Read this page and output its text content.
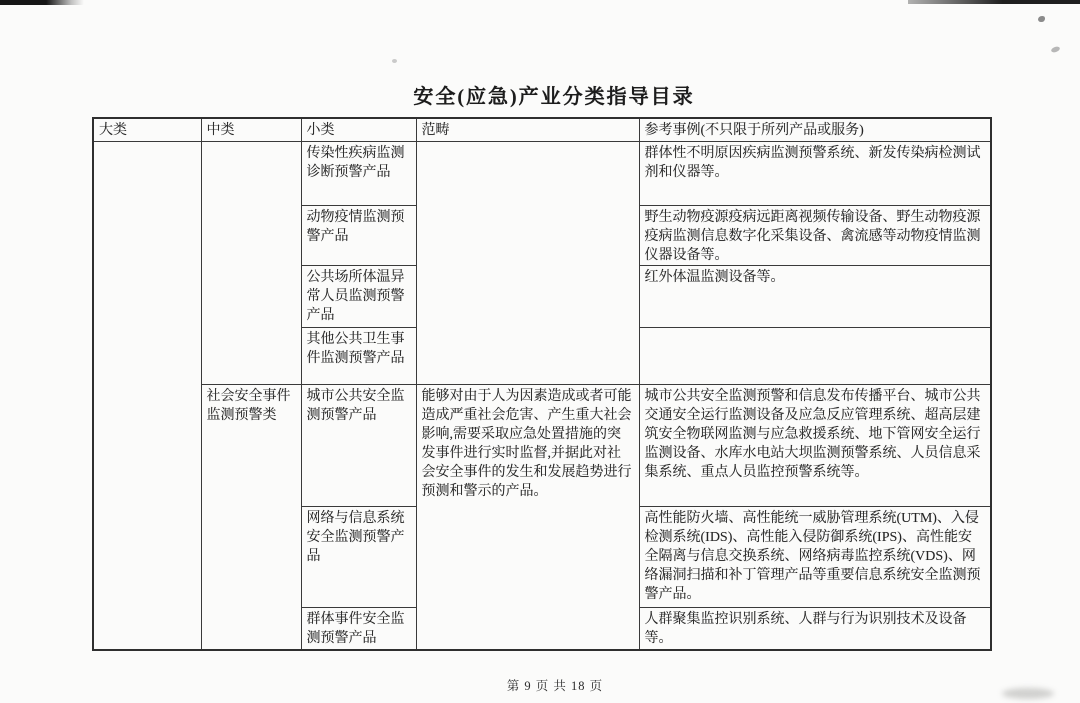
安全(应急)产业分类指导目录
大类	中类	小类	范畴	参考事例(不只限于所列产品或服务)
		传染性疾病监测诊断预警产品		群体性不明原因疾病监测预警系统、新发传染病检测试剂和仪器等。
		动物疫情监测预警产品		野生动物疫源疫病远距离视频传输设备、野生动物疫源疫病监测信息数字化采集设备、禽流感等动物疫情监测仪器设备等。
		公共场所体温异常人员监测预警产品		红外体温监测设备等。
		其他公共卫生事件监测预警产品		
	社会安全事件监测预警类	城市公共安全监测预警产品	能够对由于人为因素造成或者可能造成严重社会危害、产生重大社会影响,需要采取应急处置措施的突发事件进行实时监督,并据此对社会安全事件的发生和发展趋势进行预测和警示的产品。	城市公共安全监测预警和信息发布传播平台、城市公共交通安全运行监测设备及应急反应管理系统、超高层建筑安全物联网监测与应急救援系统、地下管网安全运行监测设备、水库水电站大坝监测预警系统、人员信息采集系统、重点人员监控预警系统等。
		网络与信息系统安全监测预警产品		高性能防火墙、高性能统一威胁管理系统(UTM)、入侵检测系统(IDS)、高性能入侵防御系统(IPS)、高性能安全隔离与信息交换系统、网络病毒监控系统(VDS)、网络漏洞扫描和补丁管理产品等重要信息系统安全监测预警产品。
		群体事件安全监测预警产品		人群聚集监控识别系统、人群与行为识别技术及设备等。
第 9 页 共 18 页
